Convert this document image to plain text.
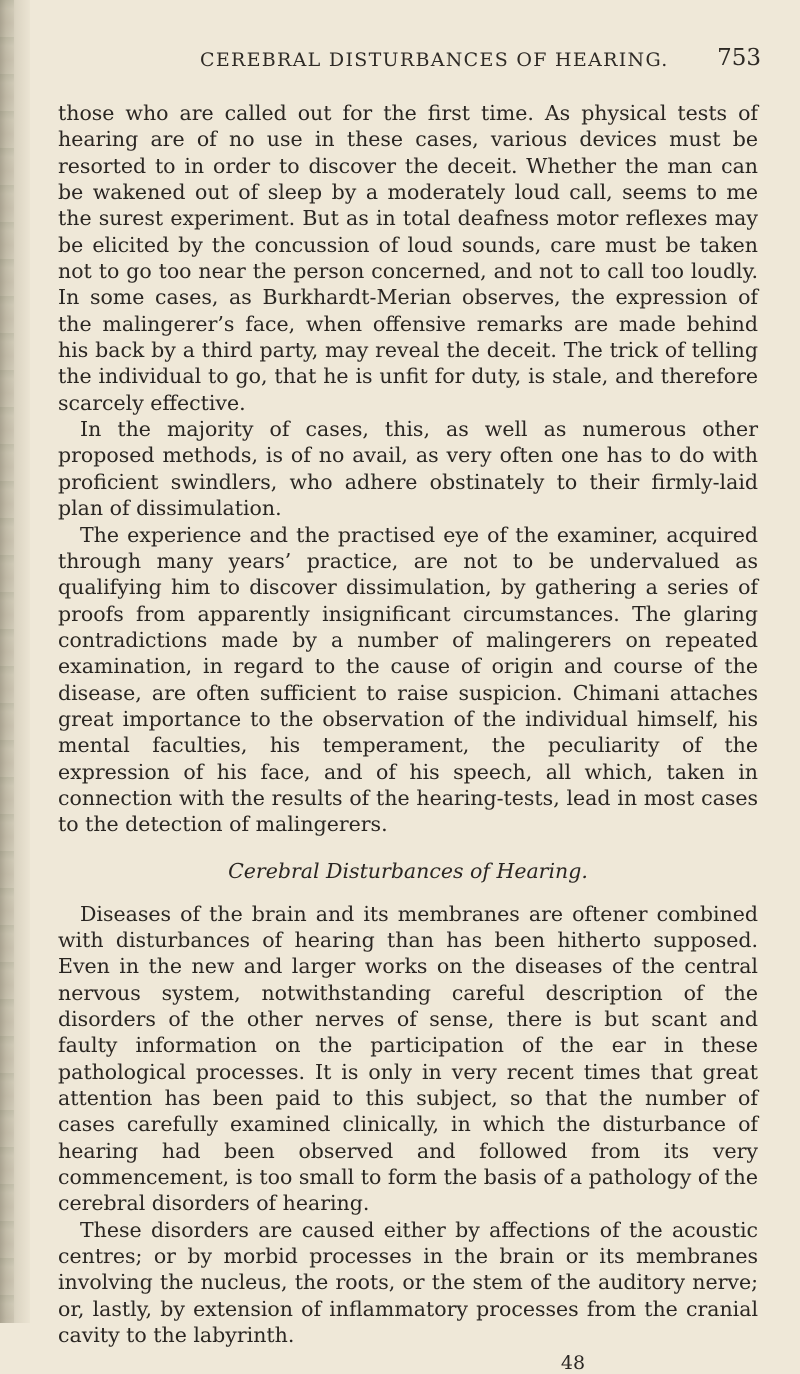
CEREBRAL DISTURBANCES OF HEARING. 753

those who are called out for the first time. As physical tests of hearing are of no use in these cases, various devices must be resorted to in order to discover the deceit. Whether the man can be wakened out of sleep by a moderately loud call, seems to me the surest experiment. But as in total deafness motor reflexes may be elicited by the concussion of loud sounds, care must be taken not to go too near the person concerned, and not to call too loudly. In some cases, as Burkhardt-Merian observes, the expression of the malingerer’s face, when offensive remarks are made behind his back by a third party, may reveal the deceit. The trick of telling the individual to go, that he is unfit for duty, is stale, and therefore scarcely effective.

In the majority of cases, this, as well as numerous other proposed methods, is of no avail, as very often one has to do with proficient swindlers, who adhere obstinately to their firmly-laid plan of dissimulation.

The experience and the practised eye of the examiner, acquired through many years’ practice, are not to be undervalued as qualifying him to discover dissimulation, by gathering a series of proofs from apparently insignificant circumstances. The glaring contradictions made by a number of malingerers on repeated examination, in regard to the cause of origin and course of the disease, are often sufficient to raise suspicion. Chimani attaches great importance to the observation of the individual himself, his mental faculties, his temperament, the peculiarity of the expression of his face, and of his speech, all which, taken in connection with the results of the hearing-tests, lead in most cases to the detection of malingerers.

Cerebral Disturbances of Hearing.

Diseases of the brain and its membranes are oftener combined with disturbances of hearing than has been hitherto supposed. Even in the new and larger works on the diseases of the central nervous system, notwithstanding careful description of the disorders of the other nerves of sense, there is but scant and faulty information on the participation of the ear in these pathological processes. It is only in very recent times that great attention has been paid to this subject, so that the number of cases carefully examined clinically, in which the disturbance of hearing had been observed and followed from its very commencement, is too small to form the basis of a pathology of the cerebral disorders of hearing.

These disorders are caused either by affections of the acoustic centres; or by morbid processes in the brain or its membranes involving the nucleus, the roots, or the stem of the auditory nerve; or, lastly, by extension of inflammatory processes from the cranial cavity to the labyrinth.

48
